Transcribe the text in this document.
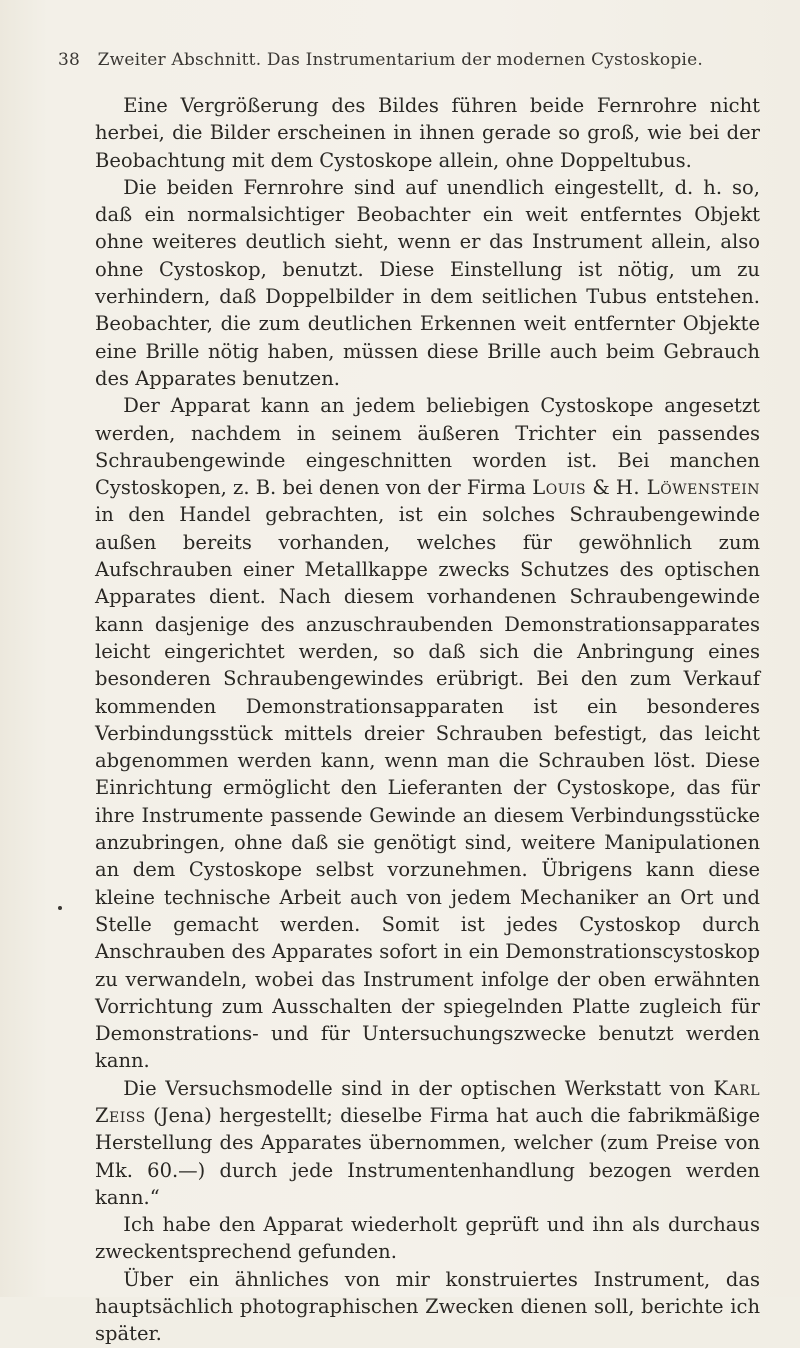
38 Zweiter Abschnitt. Das Instrumentarium der modernen Cystoskopie.

Eine Vergrößerung des Bildes führen beide Fernrohre nicht herbei, die Bilder erscheinen in ihnen gerade so groß, wie bei der Beobachtung mit dem Cystoskope allein, ohne Doppeltubus.

Die beiden Fernrohre sind auf unendlich eingestellt, d. h. so, daß ein normalsichtiger Beobachter ein weit entferntes Objekt ohne weiteres deutlich sieht, wenn er das Instrument allein, also ohne Cystoskop, benutzt. Diese Einstellung ist nötig, um zu verhindern, daß Doppelbilder in dem seitlichen Tubus entstehen. Beobachter, die zum deutlichen Erkennen weit entfernter Objekte eine Brille nötig haben, müssen diese Brille auch beim Gebrauch des Apparates benutzen.

Der Apparat kann an jedem beliebigen Cystoskope angesetzt werden, nachdem in seinem äußeren Trichter ein passendes Schraubengewinde eingeschnitten worden ist. Bei manchen Cystoskopen, z. B. bei denen von der Firma Louis & H. Löwenstein in den Handel gebrachten, ist ein solches Schraubengewinde außen bereits vorhanden, welches für gewöhnlich zum Aufschrauben einer Metallkappe zwecks Schutzes des optischen Apparates dient. Nach diesem vorhandenen Schraubengewinde kann dasjenige des anzuschraubenden Demonstrationsapparates leicht eingerichtet werden, so daß sich die Anbringung eines besonderen Schraubengewindes erübrigt. Bei den zum Verkauf kommenden Demonstrationsapparaten ist ein besonderes Verbindungsstück mittels dreier Schrauben befestigt, das leicht abgenommen werden kann, wenn man die Schrauben löst. Diese Einrichtung ermöglicht den Lieferanten der Cystoskope, das für ihre Instrumente passende Gewinde an diesem Verbindungsstücke anzubringen, ohne daß sie genötigt sind, weitere Manipulationen an dem Cystoskope selbst vorzunehmen. Übrigens kann diese kleine technische Arbeit auch von jedem Mechaniker an Ort und Stelle gemacht werden. Somit ist jedes Cystoskop durch Anschrauben des Apparates sofort in ein Demonstrationscystoskop zu verwandeln, wobei das Instrument infolge der oben erwähnten Vorrichtung zum Ausschalten der spiegelnden Platte zugleich für Demonstrations- und für Untersuchungszwecke benutzt werden kann.

Die Versuchsmodelle sind in der optischen Werkstatt von Karl Zeiss (Jena) hergestellt; dieselbe Firma hat auch die fabrikmäßige Herstellung des Apparates übernommen, welcher (zum Preise von Mk. 60.—) durch jede Instrumentenhandlung bezogen werden kann.“

Ich habe den Apparat wiederholt geprüft und ihn als durchaus zweckentsprechend gefunden.

Über ein ähnliches von mir konstruiertes Instrument, das hauptsächlich photographischen Zwecken dienen soll, berichte ich später.
